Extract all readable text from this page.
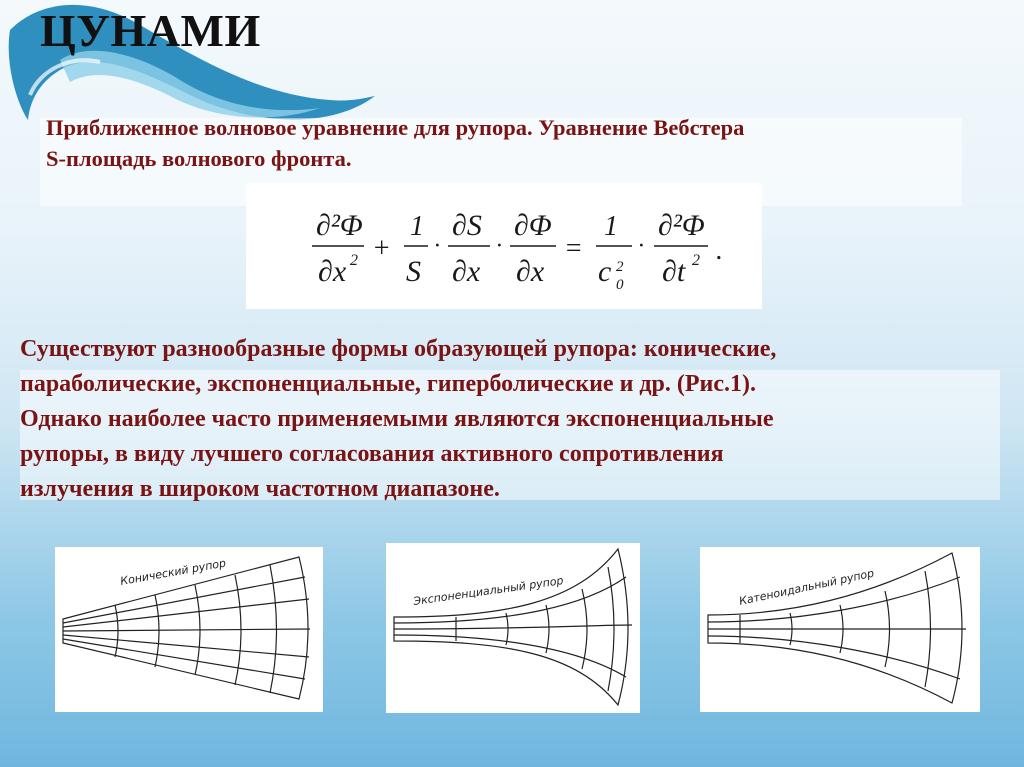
ЦУНАМИ
Приближенное волновое уравнение для рупора. Уравнение Вебстера
S-площадь волнового фронта.
∂²Φ
∂x 2 +
1
S
·
∂S
∂x
·
∂Φ
∂x
=
1
c 2
0
·
∂²Φ
∂t 2 .
Существуют разнообразные формы образующей рупора: конические,
параболические, экспоненциальные, гиперболические и др. (Рис.1).
Однако наиболее часто применяемыми являются экспоненциальные
рупоры, в виду лучшего согласования активного сопротивления
излучения в широком частотном диапазоне.
Конический рупор
Экспоненциальный рупор	Катеноидальный рупор
